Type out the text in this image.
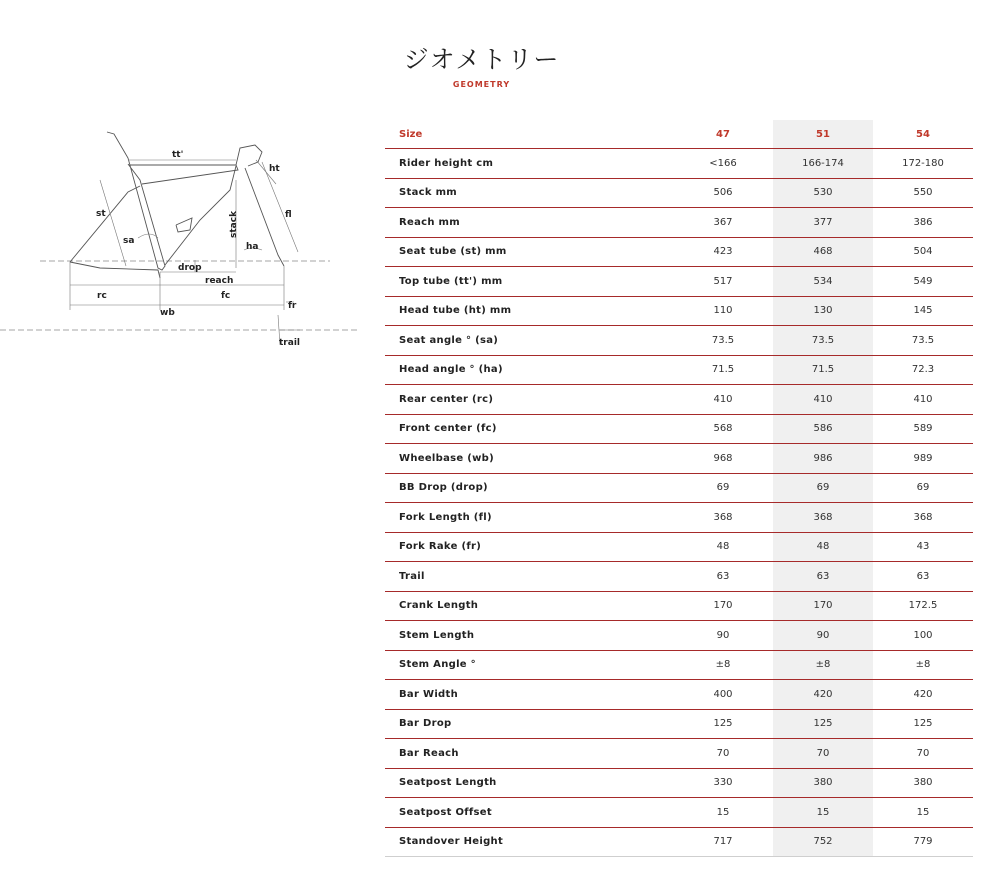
ジオメトリー
GEOMETRY
tt'
st
sa
ht
fl
stack
ha
drop
reach
rc	fc
wb
fr
trail
Size	47	51	54
Rider height cm	<166	166-174	172-180
Stack mm	506	530	550
Reach mm	367	377	386
Seat tube (st) mm	423	468	504
Top tube (tt') mm	517	534	549
Head tube (ht) mm	110	130	145
Seat angle ° (sa)	73.5	73.5	73.5
Head angle ° (ha)	71.5	71.5	72.3
Rear center (rc)	410	410	410
Front center (fc)	568	586	589
Wheelbase (wb)	968	986	989
BB Drop (drop)	69	69	69
Fork Length (fl)	368	368	368
Fork Rake (fr)	48	48	43
Trail	63	63	63
Crank Length	170	170	172.5
Stem Length	90	90	100
Stem Angle °	±8	±8	±8
Bar Width	400	420	420
Bar Drop	125	125	125
Bar Reach	70	70	70
Seatpost Length	330	380	380
Seatpost Offset	15	15	15
Standover Height	717	752	779
